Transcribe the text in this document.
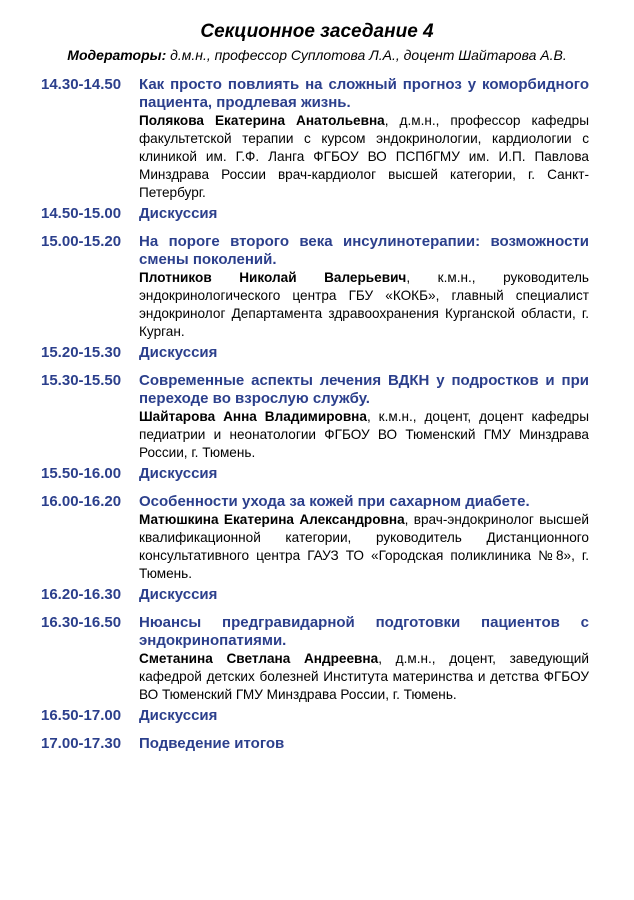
Секционное заседание 4
Модераторы: д.м.н., профессор Суплотова Л.А., доцент Шайтарова А.В.
14.30-14.50	Как просто повлиять на сложный прогноз у коморбидного пациента, продлевая жизнь.
Полякова Екатерина Анатольевна, д.м.н., профессор кафедры факультетской терапии с курсом эндокринологии, кардиологии с клиникой им. Г.Ф. Ланга ФГБОУ ВО ПСПбГМУ им. И.П. Павлова Минздрава России врач-кардиолог высшей категории, г. Санкт-Петербург.
14.50-15.00	Дискуссия
15.00-15.20	На пороге второго века инсулинотерапии: возможности смены поколений.
Плотников Николай Валерьевич, к.м.н., руководитель эндокринологического центра ГБУ «КОКБ», главный специалист эндокринолог Департамента здравоохранения Курганской области, г. Курган.
15.20-15.30	Дискуссия
15.30-15.50	Современные аспекты лечения ВДКН у подростков и при переходе во взрослую службу.
Шайтарова Анна Владимировна, к.м.н., доцент, доцент кафедры педиатрии и неонатологии ФГБОУ ВО Тюменский ГМУ Минздрава России, г. Тюмень.
15.50-16.00	Дискуссия
16.00-16.20	Особенности ухода за кожей при сахарном диабете.
Матюшкина Екатерина Александровна, врач-эндокринолог высшей квалификационной категории, руководитель Дистанционного консультативного центра ГАУЗ ТО «Городская поликлиника №8», г. Тюмень.
16.20-16.30	Дискуссия
16.30-16.50	Нюансы предгравидарной подготовки пациентов с эндокринопатиями.
Сметанина Светлана Андреевна, д.м.н., доцент, заведующий кафедрой детских болезней Института материнства и детства ФГБОУ ВО Тюменский ГМУ Минздрава России, г. Тюмень.
16.50-17.00	Дискуссия
17.00-17.30	Подведение итогов
